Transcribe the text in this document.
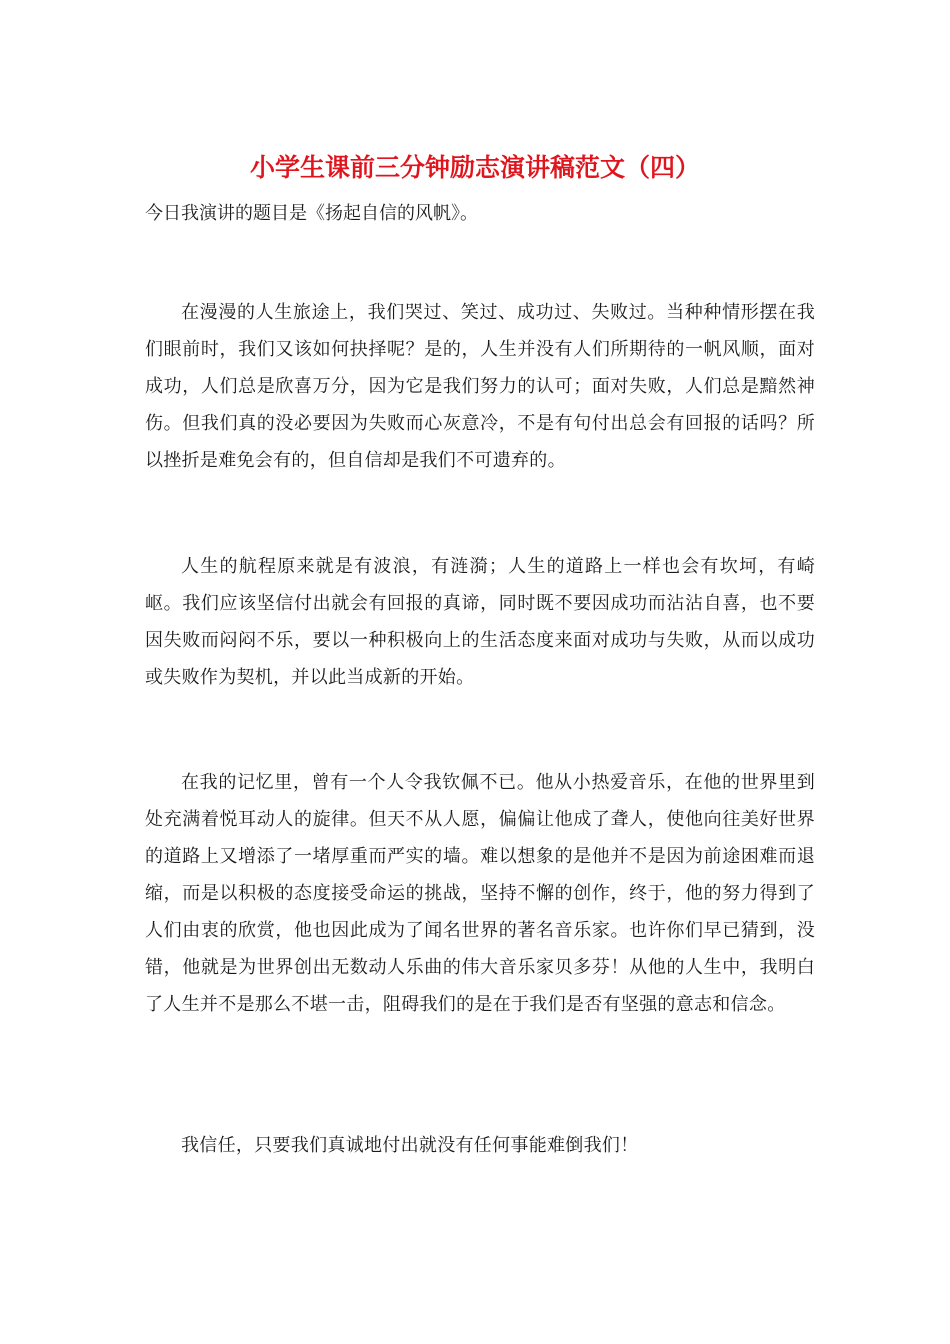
小学生课前三分钟励志演讲稿范文（四）

今日我演讲的题目是《扬起自信的风帆》。

在漫漫的人生旅途上，我们哭过、笑过、成功过、失败过。当种种情形摆在我们眼前时，我们又该如何抉择呢？是的，人生并没有人们所期待的一帆风顺，面对成功，人们总是欣喜万分，因为它是我们努力的认可；面对失败，人们总是黯然神伤。但我们真的没必要因为失败而心灰意冷，不是有句付出总会有回报的话吗？所以挫折是难免会有的，但自信却是我们不可遗弃的。

人生的航程原来就是有波浪，有涟漪；人生的道路上一样也会有坎坷，有崎岖。我们应该坚信付出就会有回报的真谛，同时既不要因成功而沾沾自喜，也不要因失败而闷闷不乐，要以一种积极向上的生活态度来面对成功与失败，从而以成功或失败作为契机，并以此当成新的开始。

在我的记忆里，曾有一个人令我钦佩不已。他从小热爱音乐，在他的世界里到处充满着悦耳动人的旋律。但天不从人愿，偏偏让他成了聋人，使他向往美好世界的道路上又增添了一堵厚重而严实的墙。难以想象的是他并不是因为前途困难而退缩，而是以积极的态度接受命运的挑战，坚持不懈的创作，终于，他的努力得到了人们由衷的欣赏，他也因此成为了闻名世界的著名音乐家。也许你们早已猜到，没错，他就是为世界创出无数动人乐曲的伟大音乐家贝多芬！从他的人生中，我明白了人生并不是那么不堪一击，阻碍我们的是在于我们是否有坚强的意志和信念。

我信任，只要我们真诚地付出就没有任何事能难倒我们！
